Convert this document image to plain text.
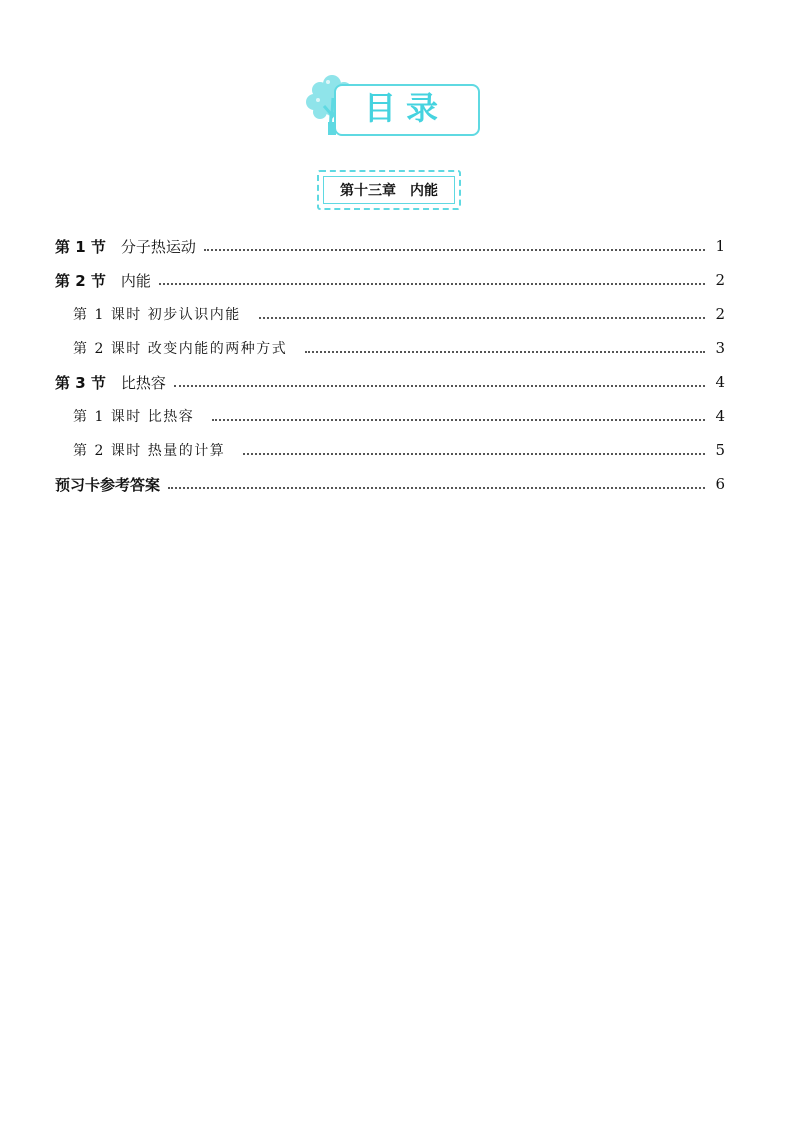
目录
第十三章　内能
第 1 节　 分子热运动	1
第 2 节　 内能	2
第 1 课时 初步认识内能	2
第 2 课时 改变内能的两种方式	3
第 3 节　 比热容	4
第 1 课时 比热容	4
第 2 课时 热量的计算	5
预习卡参考答案	6
